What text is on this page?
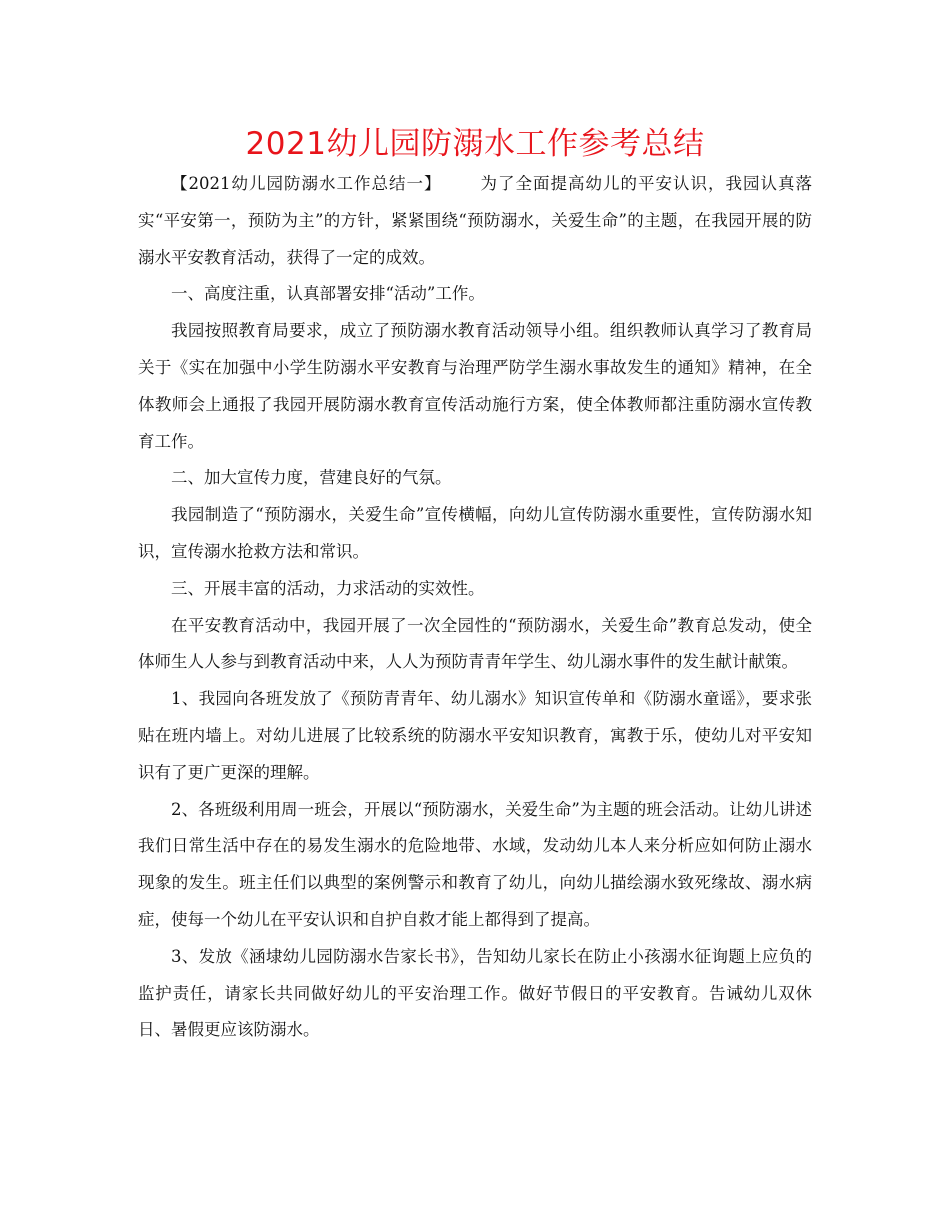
2021幼儿园防溺水工作参考总结

【2021幼儿园防溺水工作总结一】 为了全面提高幼儿的平安认识，我园认真落实“平安第一，预防为主”的方针，紧紧围绕“预防溺水，关爱生命”的主题，在我园开展的防溺水平安教育活动，获得了一定的成效。

一、高度注重，认真部署安排“活动”工作。

我园按照教育局要求，成立了预防溺水教育活动领导小组。组织教师认真学习了教育局关于《实在加强中小学生防溺水平安教育与治理严防学生溺水事故发生的通知》精神，在全体教师会上通报了我园开展防溺水教育宣传活动施行方案，使全体教师都注重防溺水宣传教育工作。

二、加大宣传力度，营建良好的气氛。

我园制造了“预防溺水，关爱生命”宣传横幅，向幼儿宣传防溺水重要性，宣传防溺水知识，宣传溺水抢救方法和常识。

三、开展丰富的活动，力求活动的实效性。

在平安教育活动中，我园开展了一次全园性的“预防溺水，关爱生命”教育总发动，使全体师生人人参与到教育活动中来，人人为预防青青年学生、幼儿溺水事件的发生献计献策。

1、我园向各班发放了《预防青青年、幼儿溺水》知识宣传单和《防溺水童谣》，要求张贴在班内墙上。对幼儿进展了比较系统的防溺水平安知识教育，寓教于乐，使幼儿对平安知识有了更广更深的理解。

2、各班级利用周一班会，开展以“预防溺水，关爱生命”为主题的班会活动。让幼儿讲述我们日常生活中存在的易发生溺水的危险地带、水域，发动幼儿本人来分析应如何防止溺水现象的发生。班主任们以典型的案例警示和教育了幼儿，向幼儿描绘溺水致死缘故、溺水病症，使每一个幼儿在平安认识和自护自救才能上都得到了提高。

3、发放《涵埭幼儿园防溺水告家长书》，告知幼儿家长在防止小孩溺水征询题上应负的监护责任，请家长共同做好幼儿的平安治理工作。做好节假日的平安教育。告诫幼儿双休日、暑假更应该防溺水。
